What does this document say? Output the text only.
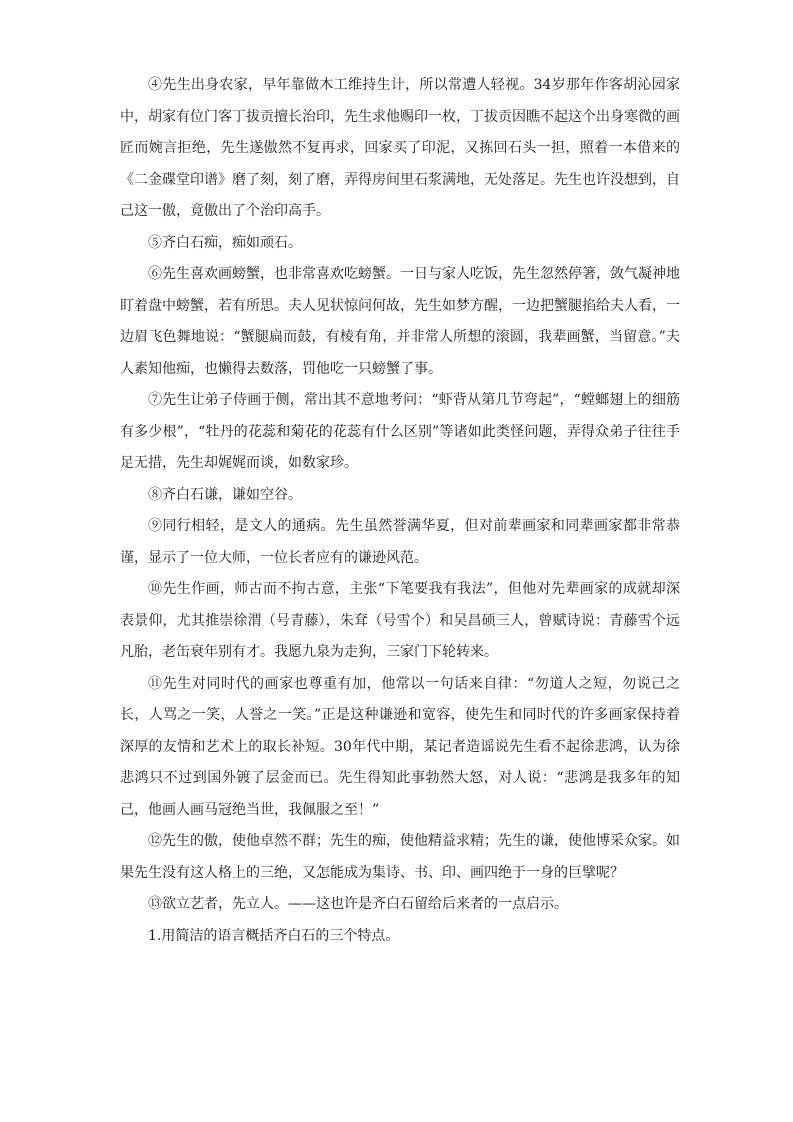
④先生出身农家，早年靠做木工维持生计，所以常遭人轻视。34岁那年作客胡沁园家中，胡家有位门客丁拔贡擅长治印，先生求他赐印一枚，丁拔贡因瞧不起这个出身寒微的画匠而婉言拒绝，先生遂傲然不复再求，回家买了印泥，又拣回石头一担，照着一本借来的《二金碟堂印谱》磨了刻，刻了磨，弄得房间里石浆满地，无处落足。先生也许没想到，自己这一傲，竟傲出了个治印高手。

⑤齐白石痴，痴如顽石。

⑥先生喜欢画螃蟹，也非常喜欢吃螃蟹。一日与家人吃饭，先生忽然停箸，敛气凝神地盯着盘中螃蟹，若有所思。夫人见状惊问何故，先生如梦方醒，一边把蟹腿掐给夫人看，一边眉飞色舞地说：“蟹腿扁而鼓，有棱有角，并非常人所想的滚圆，我辈画蟹，当留意。”夫人素知他痴，也懒得去数落，罚他吃一只螃蟹了事。

⑦先生让弟子侍画于侧，常出其不意地考问：“虾背从第几节弯起”，“螳螂翅上的细筋有多少根”，“牡丹的花蕊和菊花的花蕊有什么区别”等诸如此类怪问题，弄得众弟子往往手足无措，先生却娓娓而谈，如数家珍。

⑧齐白石谦，谦如空谷。

⑨同行相轻，是文人的通病。先生虽然誉满华夏，但对前辈画家和同辈画家都非常恭谨，显示了一位大师，一位长者应有的谦逊风范。

⑩先生作画，师古而不拘古意，主张“下笔要我有我法”，但他对先辈画家的成就却深表景仰，尤其推崇徐渭（号青藤），朱耷（号雪个）和吴昌硕三人，曾赋诗说：青藤雪个远凡胎，老缶衰年别有才。我愿九泉为走狗，三家门下轮转来。

⑪先生对同时代的画家也尊重有加，他常以一句话来自律：“勿道人之短，勿说己之长，人骂之一笑，人誉之一笑。”正是这种谦逊和宽容，使先生和同时代的许多画家保持着深厚的友情和艺术上的取长补短。30年代中期，某记者造谣说先生看不起徐悲鸿，认为徐悲鸿只不过到国外镀了层金而已。先生得知此事勃然大怒，对人说：“悲鸿是我多年的知己，他画人画马冠绝当世，我佩服之至！”

⑫先生的傲，使他卓然不群；先生的痴，使他精益求精；先生的谦，使他博采众家。如果先生没有这人格上的三绝，又怎能成为集诗、书、印、画四绝于一身的巨擘呢？

⑬欲立艺者，先立人。——这也许是齐白石留给后来者的一点启示。

1.用简洁的语言概括齐白石的三个特点。
